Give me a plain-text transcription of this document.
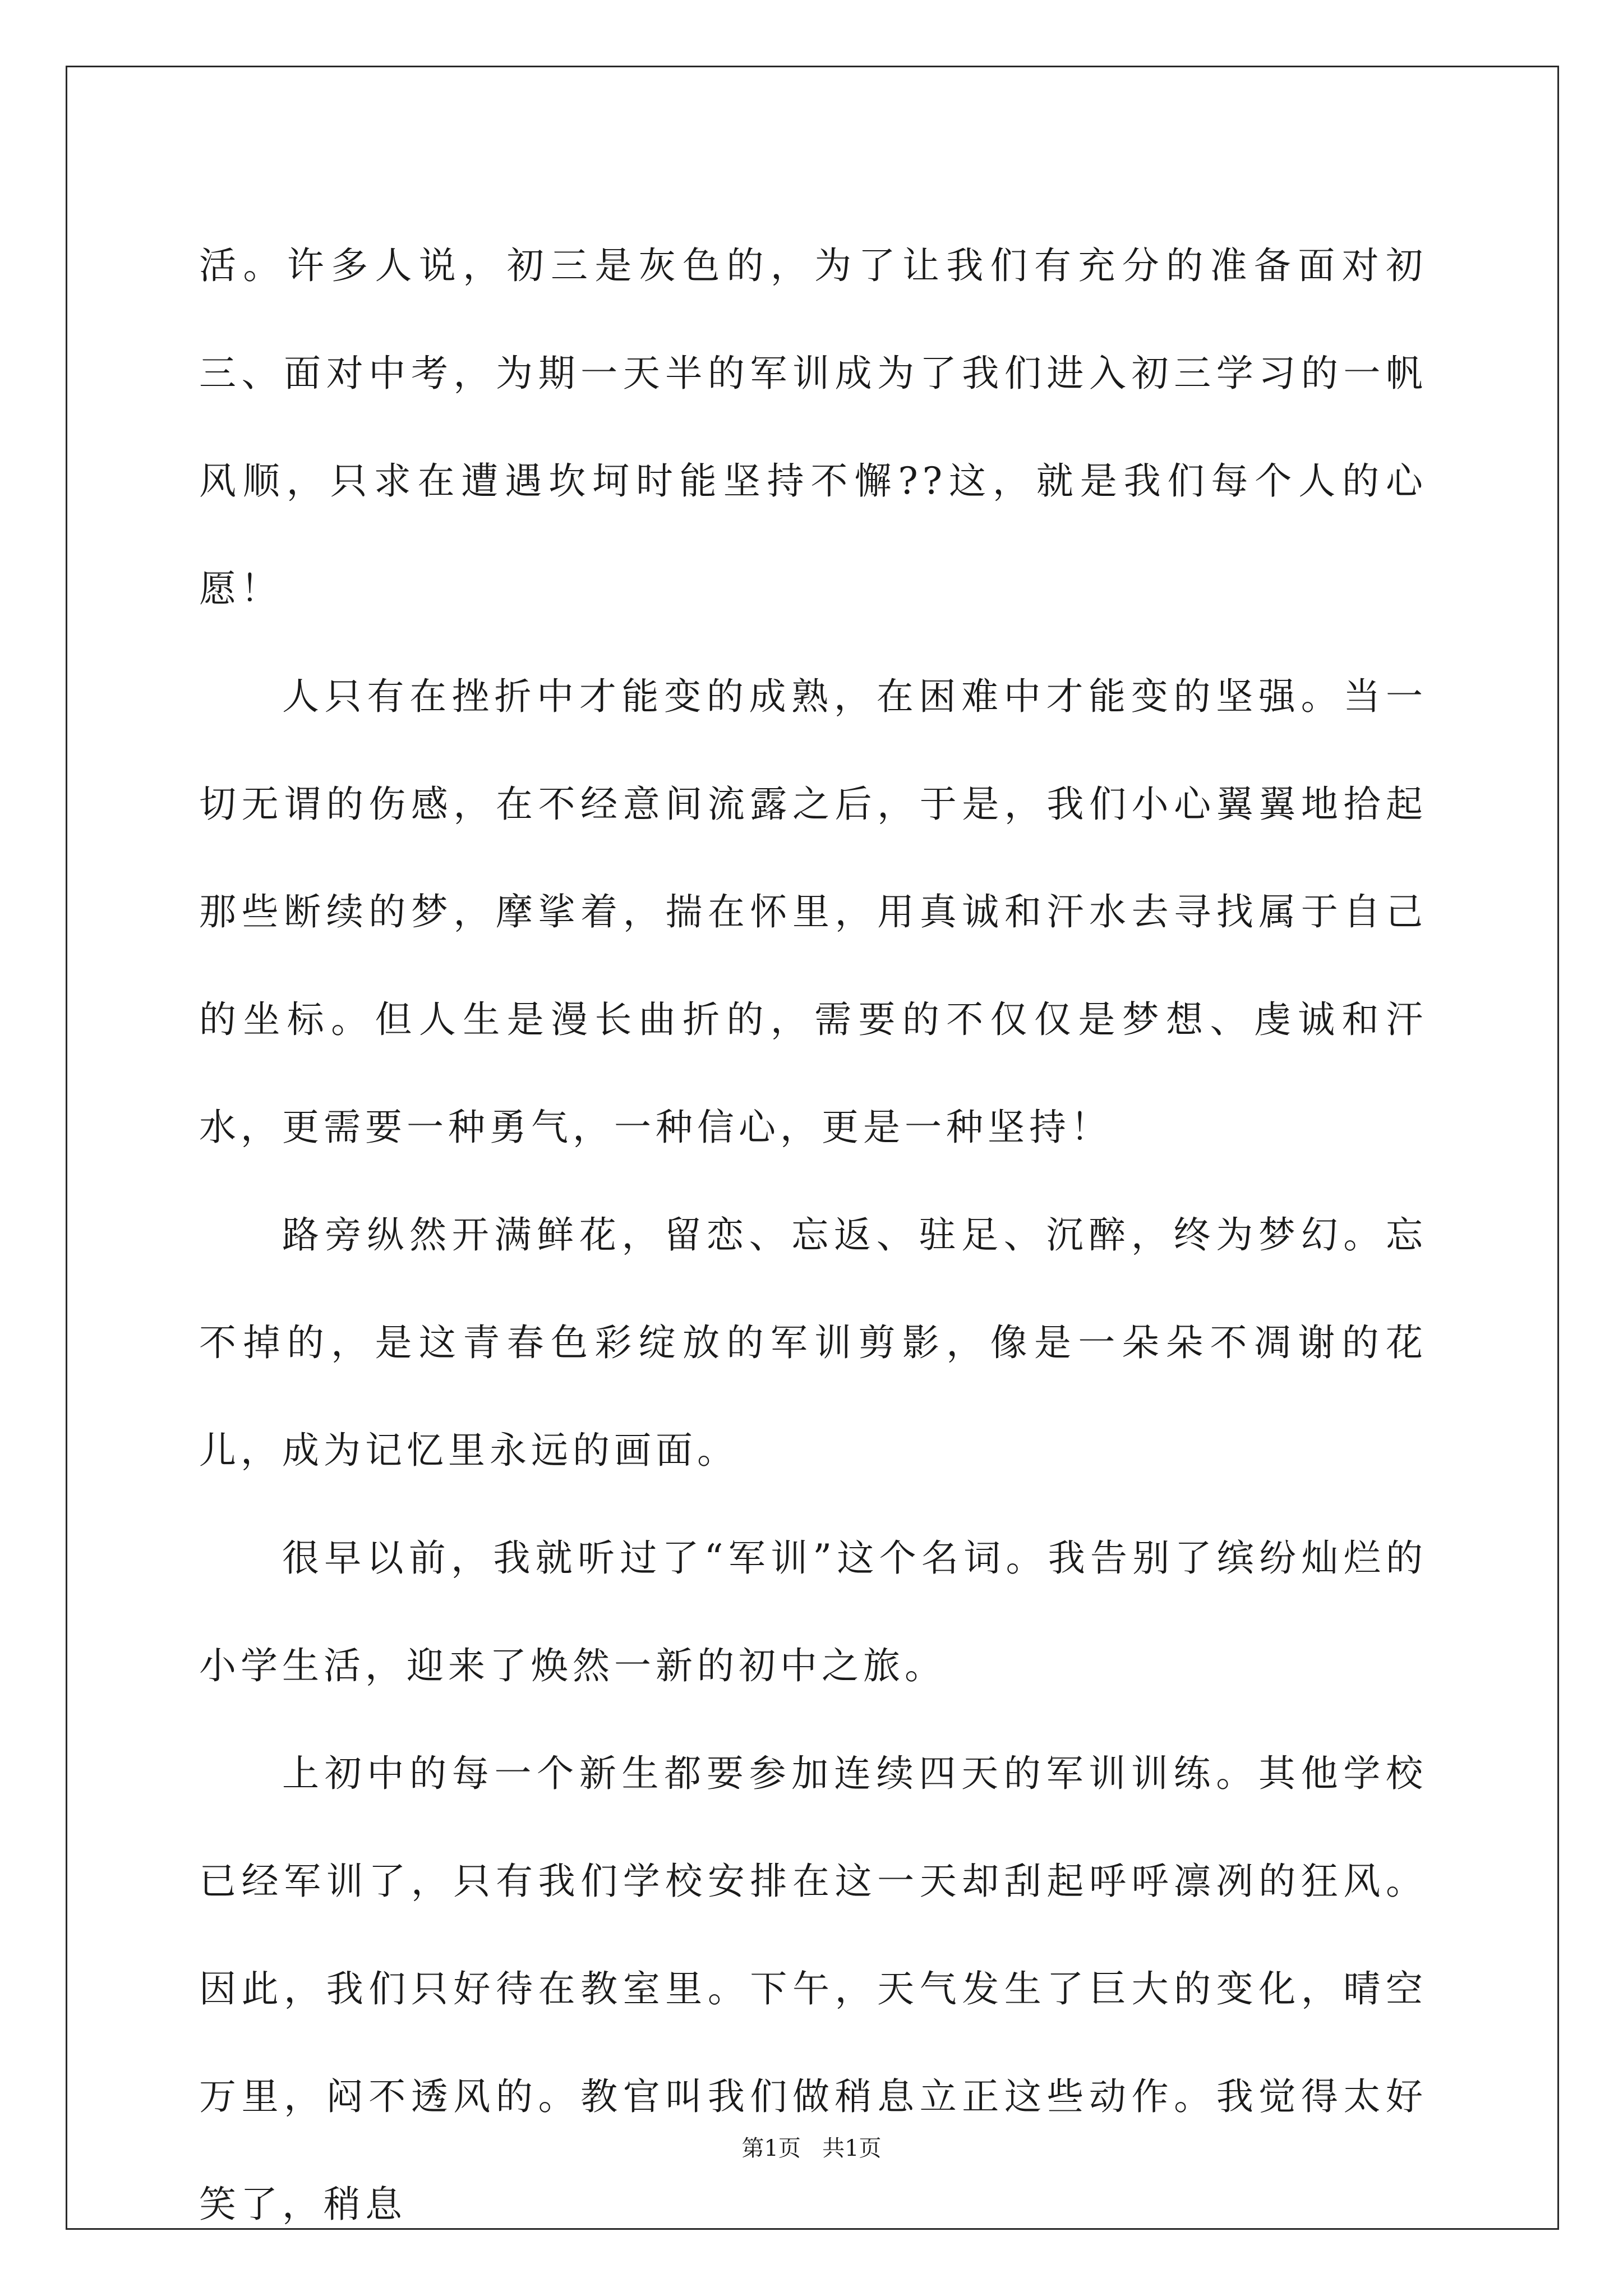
活。许多人说，初三是灰色的，为了让我们有充分的准备面对初三、面对中考，为期一天半的军训成为了我们进入初三学习的一帆风顺，只求在遭遇坎坷时能坚持不懈??这，就是我们每个人的心愿！

人只有在挫折中才能变的成熟，在困难中才能变的坚强。当一切无谓的伤感，在不经意间流露之后，于是，我们小心翼翼地拾起那些断续的梦，摩挲着，揣在怀里，用真诚和汗水去寻找属于自己的坐标。但人生是漫长曲折的，需要的不仅仅是梦想、虔诚和汗水，更需要一种勇气，一种信心，更是一种坚持！

路旁纵然开满鲜花，留恋、忘返、驻足、沉醉，终为梦幻。忘不掉的，是这青春色彩绽放的军训剪影，像是一朵朵不凋谢的花儿，成为记忆里永远的画面。

很早以前，我就听过了“军训”这个名词。我告别了缤纷灿烂的小学生活，迎来了焕然一新的初中之旅。

上初中的每一个新生都要参加连续四天的军训训练。其他学校已经军训了，只有我们学校安排在这一天却刮起呼呼凛冽的狂风。因此，我们只好待在教室里。下午，天气发生了巨大的变化，晴空万里，闷不透风的。教官叫我们做稍息立正这些动作。我觉得太好笑了，稍息

第1页 共1页
